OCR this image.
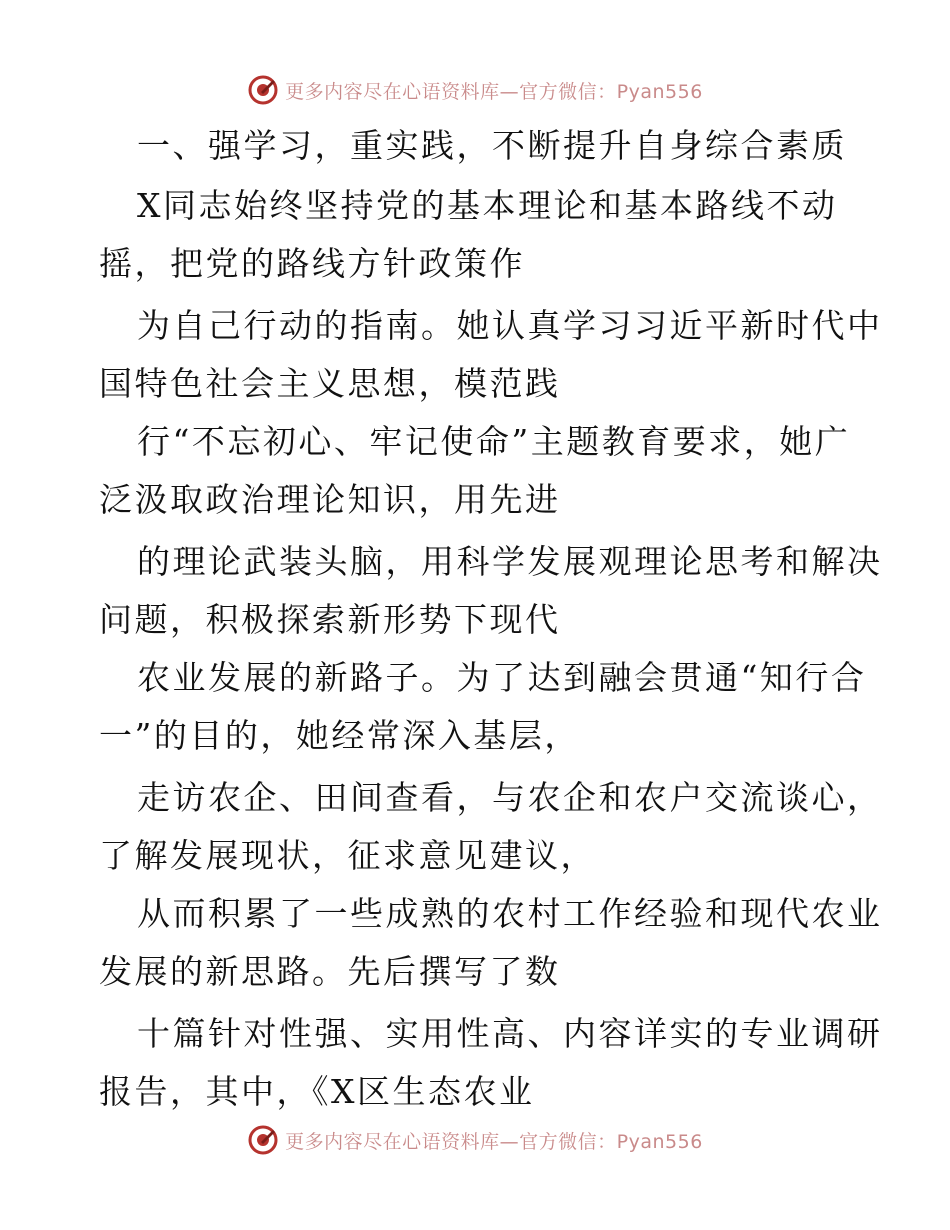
更多内容尽在心语资料库—官方微信：Pyan556
一、强学习，重实践，不断提升自身综合素质
X同志始终坚持党的基本理论和基本路线不动
摇，把党的路线方针政策作
为自己行动的指南。她认真学习习近平新时代中
国特色社会主义思想，模范践
行“不忘初心、牢记使命”主题教育要求，她广
泛汲取政治理论知识，用先进
的理论武装头脑，用科学发展观理论思考和解决
问题，积极探索新形势下现代
农业发展的新路子。为了达到融会贯通“知行合
一”的目的，她经常深入基层，
走访农企、田间查看，与农企和农户交流谈心，
了解发展现状，征求意见建议，
从而积累了一些成熟的农村工作经验和现代农业
发展的新思路。先后撰写了数
十篇针对性强、实用性高、内容详实的专业调研
报告，其中，《X区生态农业
更多内容尽在心语资料库—官方微信：Pyan556
